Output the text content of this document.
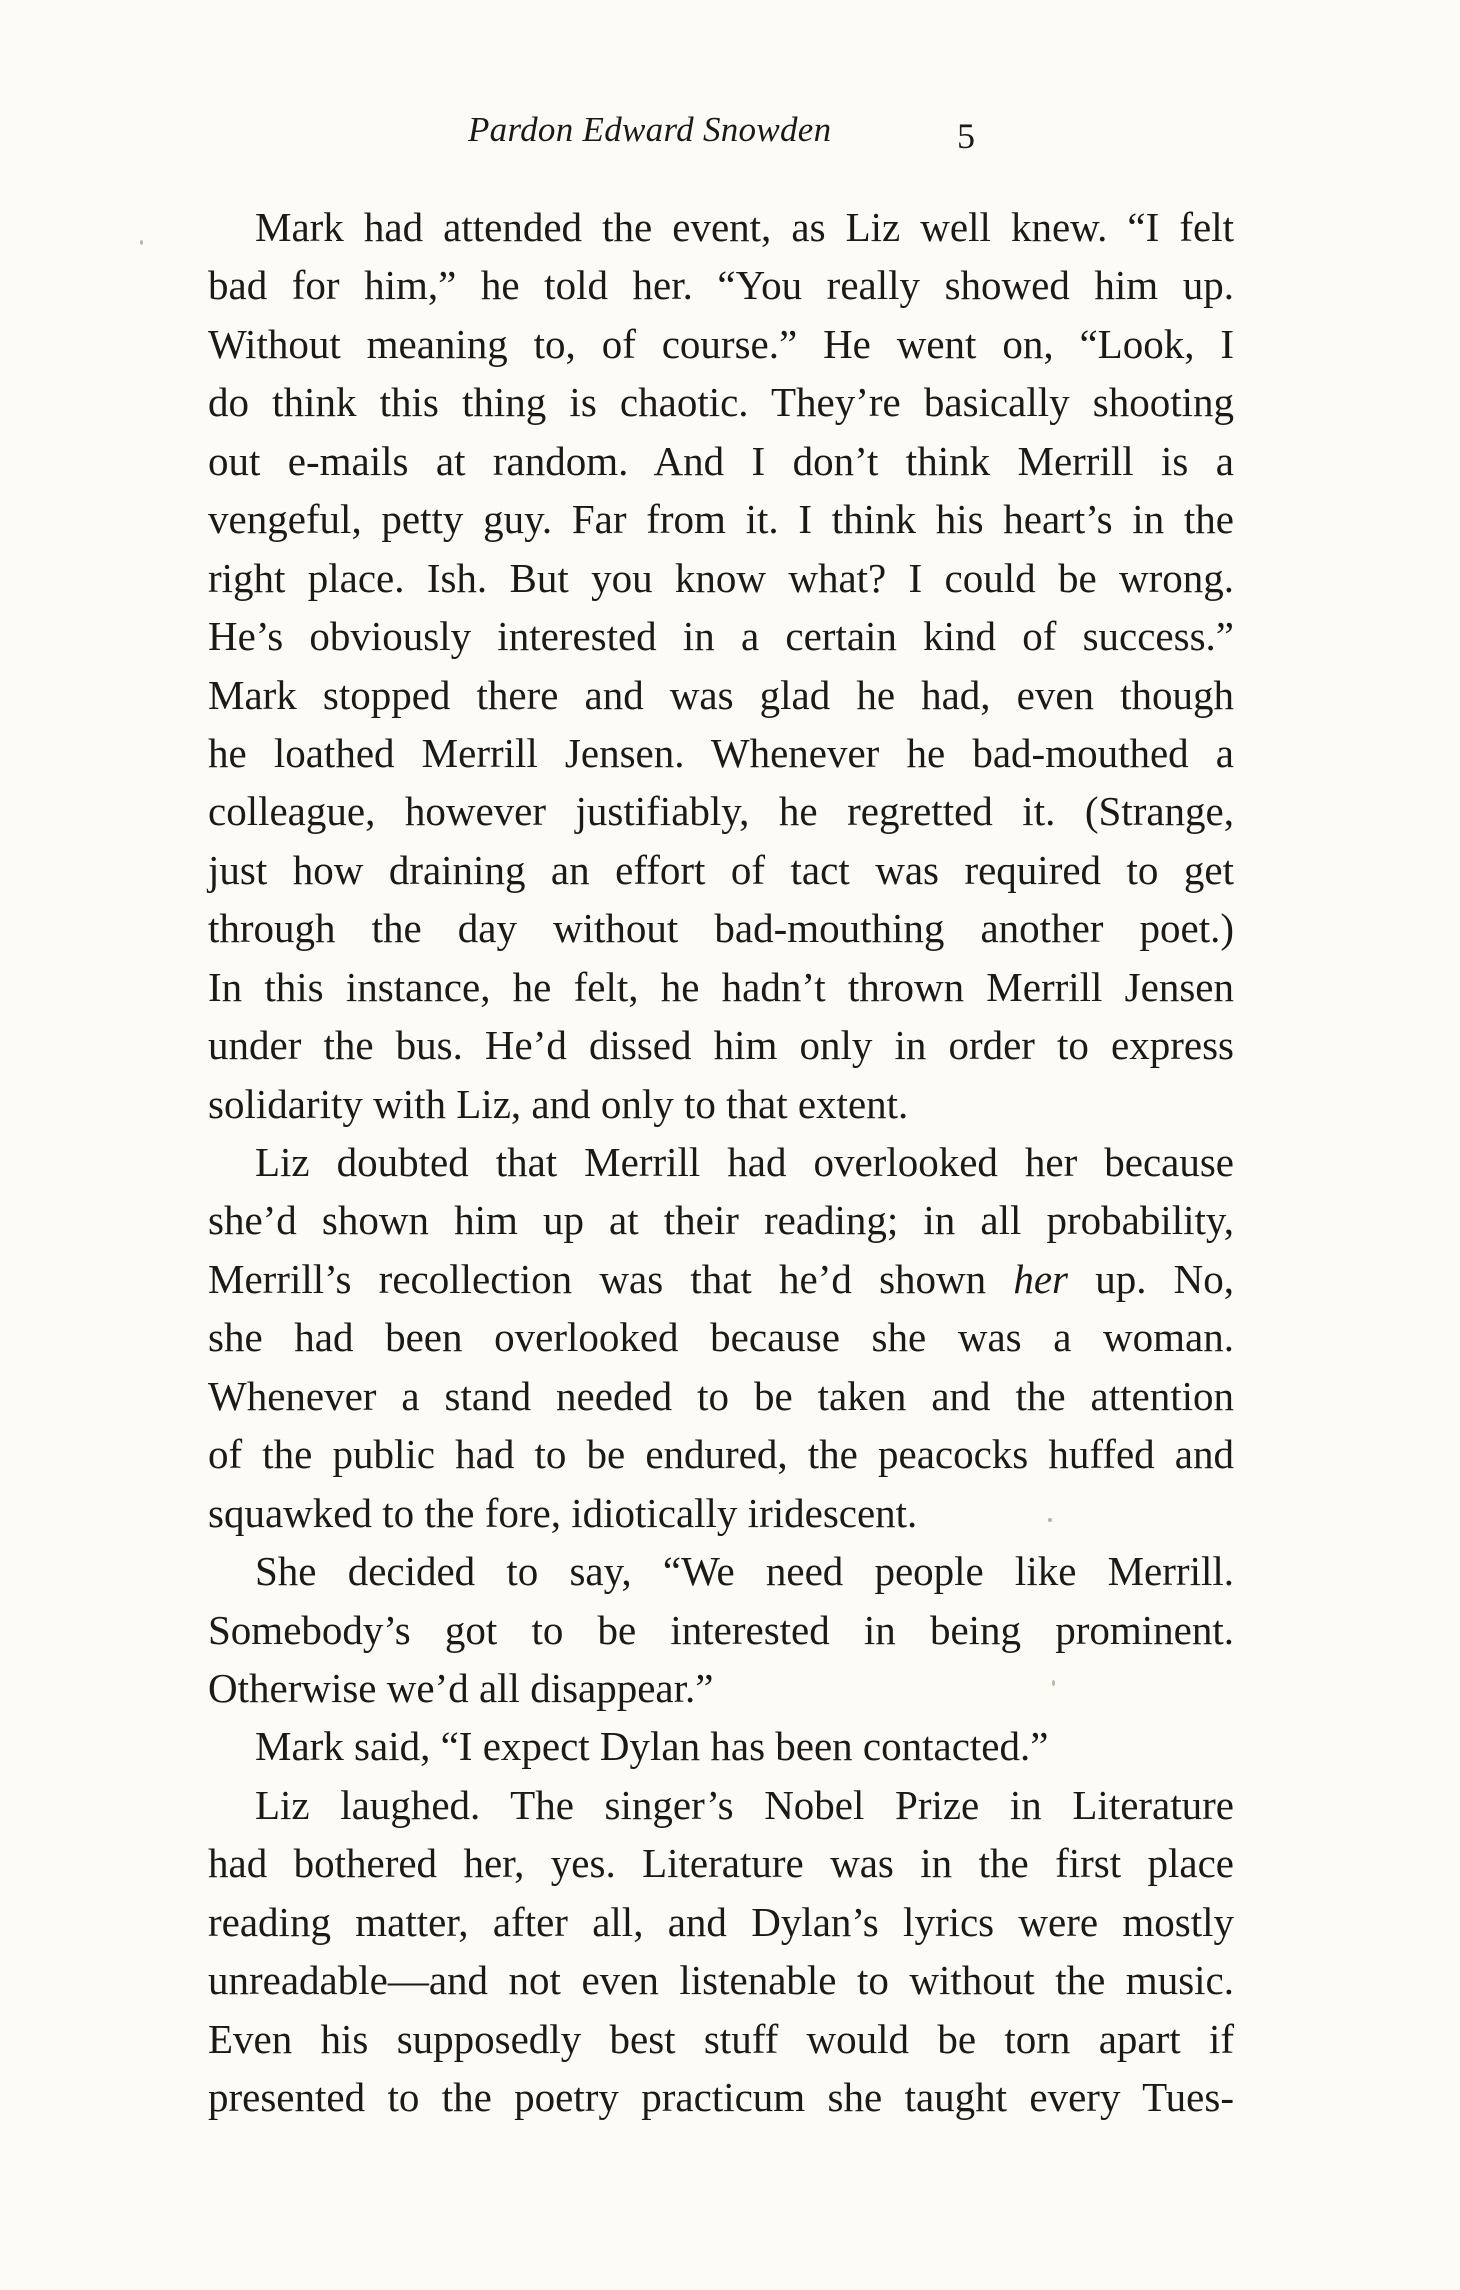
Pardon Edward Snowden	5
Mark had attended the event, as Liz well knew. “I felt
bad for him,” he told her. “You really showed him up.
Without meaning to, of course.” He went on, “Look, I
do think this thing is chaotic. They’re basically shooting
out e-mails at random. And I don’t think Merrill is a
vengeful, petty guy. Far from it. I think his heart’s in the
right place. Ish. But you know what? I could be wrong.
He’s obviously interested in a certain kind of success.”
Mark stopped there and was glad he had, even though
he loathed Merrill Jensen. Whenever he bad-mouthed a
colleague, however justifiably, he regretted it. (Strange,
just how draining an effort of tact was required to get
through the day without bad-mouthing another poet.)
In this instance, he felt, he hadn’t thrown Merrill Jensen
under the bus. He’d dissed him only in order to express
solidarity with Liz, and only to that extent.
Liz doubted that Merrill had overlooked her because
she’d shown him up at their reading; in all probability,
Merrill’s recollection was that he’d shown her up. No,
she had been overlooked because she was a woman.
Whenever a stand needed to be taken and the attention
of the public had to be endured, the peacocks huffed and
squawked to the fore, idiotically iridescent.
She decided to say, “We need people like Merrill.
Somebody’s got to be interested in being prominent.
Otherwise we’d all disappear.”
Mark said, “I expect Dylan has been contacted.”
Liz laughed. The singer’s Nobel Prize in Literature
had bothered her, yes. Literature was in the first place
reading matter, after all, and Dylan’s lyrics were mostly
unreadable—and not even listenable to without the music.
Even his supposedly best stuff would be torn apart if
presented to the poetry practicum she taught every Tues-
